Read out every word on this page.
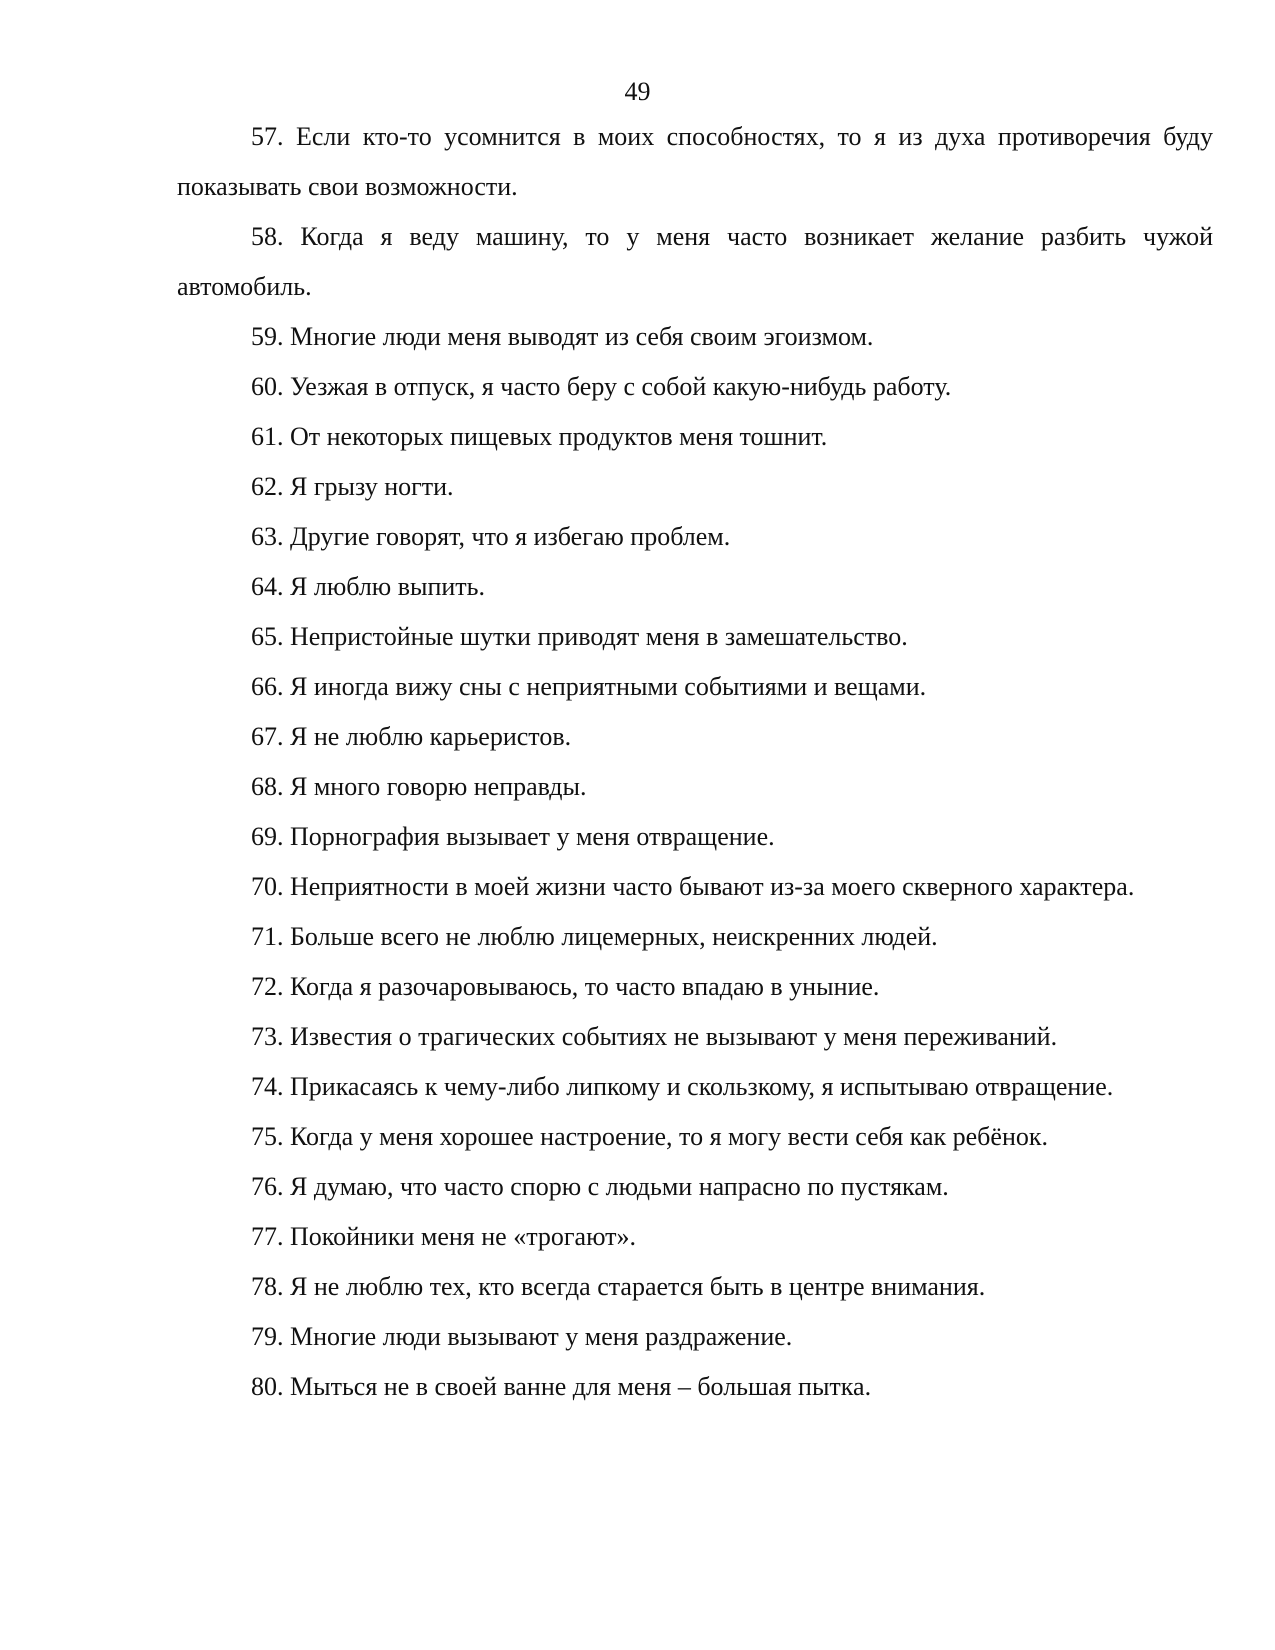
49

57. Если кто-то усомнится в моих способностях, то я из духа противоречия буду показывать свои возможности.

58. Когда я веду машину, то у меня часто возникает желание разбить чужой автомобиль.

59. Многие люди меня выводят из себя своим эгоизмом.

60. Уезжая в отпуск, я часто беру с собой какую-нибудь работу.

61. От некоторых пищевых продуктов меня тошнит.

62. Я грызу ногти.

63. Другие говорят, что я избегаю проблем.

64. Я люблю выпить.

65. Непристойные шутки приводят меня в замешательство.

66. Я иногда вижу сны с неприятными событиями и вещами.

67. Я не люблю карьеристов.

68. Я много говорю неправды.

69. Порнография вызывает у меня отвращение.

70. Неприятности в моей жизни часто бывают из-за моего скверного характера.

71. Больше всего не люблю лицемерных, неискренних людей.

72. Когда я разочаровываюсь, то часто впадаю в уныние.

73. Известия о трагических событиях не вызывают у меня переживаний.

74. Прикасаясь к чему-либо липкому и скользкому, я испытываю отвращение.

75. Когда у меня хорошее настроение, то я могу вести себя как ребёнок.

76. Я думаю, что часто спорю с людьми напрасно по пустякам.

77. Покойники меня не «трогают».

78. Я не люблю тех, кто всегда старается быть в центре внимания.

79. Многие люди вызывают у меня раздражение.

80. Мыться не в своей ванне для меня – большая пытка.
